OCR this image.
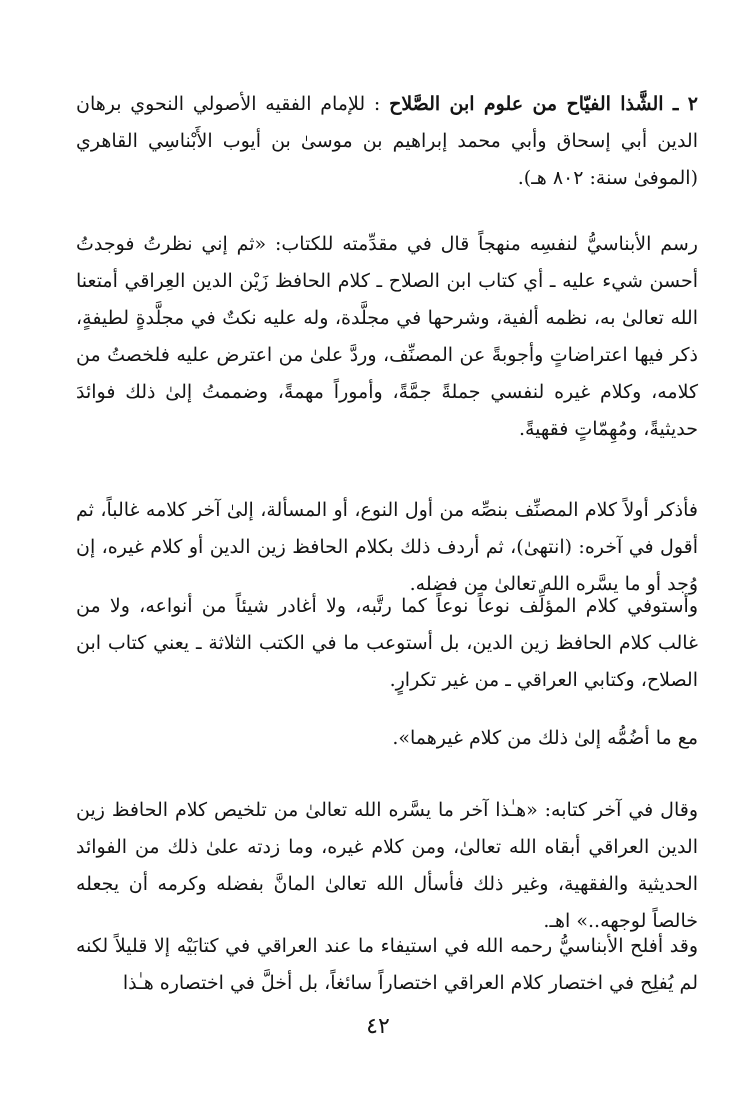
٢ ـ الشَّذا الفيّاح من علوم ابن الصَّلاح : للإمام الفقيه الأصولي النحوي برهان الدين أبي إسحاق وأبي محمد إبراهيم بن موسىٰ بن أيوب الأَبْناسِي القاهري (الموفىٰ سنة: ٨٠٢ هـ).

رسم الأبناسيُّ لنفسِه منهجاً قال في مقدِّمته للكتاب: «ثم إني نظرتُ فوجدتُ أحسن شيء عليه ـ أي كتاب ابن الصلاح ـ كلام الحافظ زَيْن الدين العِراقي أمتعنا الله تعالىٰ به، نظمه ألفية، وشرحها في مجلَّدة، وله عليه نكتٌ في مجلَّدةٍ لطيفةٍ، ذكر فيها اعتراضاتٍ وأجوبةً عن المصنِّف، وردَّ علىٰ من اعترض عليه فلخصتُ من كلامه، وكلام غيره لنفسي جملةً جمَّةً، وأموراً مهمةً، وضممتُ إلىٰ ذلك فوائدَ حديثيةً، ومُهِمّاتٍ فقهيةً.

فأذكر أولاً كلام المصنِّف بنصِّه من أول النوع، أو المسألة، إلىٰ آخر كلامه غالباً، ثم أقول في آخره: (انتهىٰ)، ثم أردف ذلك بكلام الحافظ زين الدين أو كلام غيره، إن وُجد أو ما يسَّره الله تعالىٰ من فضله.

وأستوفي كلام المؤلِّف نوعاً نوعاً كما رتَّبه، ولا أغادر شيئاً من أنواعه، ولا من غالب كلام الحافظ زين الدين، بل أستوعب ما في الكتب الثلاثة ـ يعني كتاب ابن الصلاح، وكتابي العراقي ـ من غير تكرارٍ.

مع ما أضُمُّه إلىٰ ذلك من كلام غيرهما».

وقال في آخر كتابه: «هـٰذا آخر ما يسَّره الله تعالىٰ من تلخيص كلام الحافظ زين الدين العراقي أبقاه الله تعالىٰ، ومن كلام غيره، وما زدته علىٰ ذلك من الفوائد الحديثية والفقهية، وغير ذلك فأسأل الله تعالىٰ المانَّ بفضله وكرمه أن يجعله خالصاً لوجهه..» اهـ.

وقد أفلح الأبناسيُّ رحمه الله في استيفاء ما عند العراقي في كتابَيْه إلا قليلاً لكنه لم يُفلِح في اختصار كلام العراقي اختصاراً سائغاً، بل أخلَّ في اختصاره هـٰذا

٤٢
